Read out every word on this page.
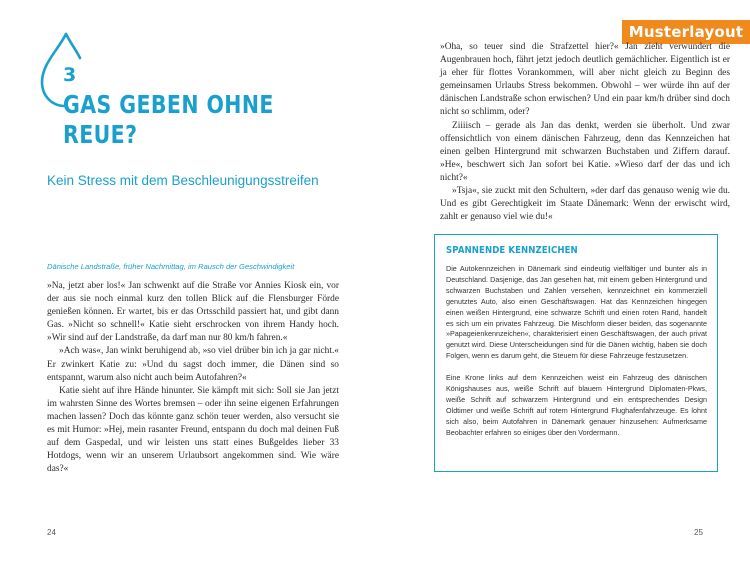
3
GAS GEBEN OHNE REUE?
Kein Stress mit dem Beschleunigungsstreifen
Dänische Landstraße, früher Nachmittag, im Rausch der Geschwindigkeit

»Na, jetzt aber los!« Jan schwenkt auf die Straße vor Annies Kiosk ein, vor der aus sie noch einmal kurz den tollen Blick auf die Flensburger Förde genießen können. Er wartet, bis er das Ortsschild passiert hat, und gibt dann Gas. »Nicht so schnell!« Katie sieht erschrocken von ihrem Handy hoch. »Wir sind auf der Landstraße, da darf man nur 80 km/h fahren.«

»Ach was«, Jan winkt beruhigend ab, »so viel drüber bin ich ja gar nicht.« Er zwinkert Katie zu: »Und du sagst doch immer, die Dänen sind so entspannt, warum also nicht auch beim Autofahren?«

Katie sieht auf ihre Hände hinunter. Sie kämpft mit sich: Soll sie Jan jetzt im wahrsten Sinne des Wortes bremsen – oder ihn seine eigenen Erfahrungen machen lassen? Doch das könnte ganz schön teuer werden, also versucht sie es mit Humor: »Hej, mein rasanter Freund, entspann du doch mal deinen Fuß auf dem Gaspedal, und wir leisten uns statt eines Bußgeldes lieber 33 Hotdogs, wenn wir an unserem Urlaubsort angekommen sind. Wie wäre das?«

24
Musterlayout

»Oha, so teuer sind die Strafzettel hier?« Jan zieht verwundert die Augenbrauen hoch, fährt jetzt jedoch deutlich gemächlicher. Eigentlich ist er ja eher für flottes Vorankommen, will aber nicht gleich zu Beginn des gemeinsamen Urlaubs Stress bekommen. Obwohl – wer würde ihn auf der dänischen Landstraße schon erwischen? Und ein paar km/h drüber sind doch nicht so schlimm, oder?

Ziiiisch – gerade als Jan das denkt, werden sie überholt. Und zwar offensichtlich von einem dänischen Fahrzeug, denn das Kennzeichen hat einen gelben Hintergrund mit schwarzen Buchstaben und Ziffern darauf. »He«, beschwert sich Jan sofort bei Katie. »Wieso darf der das und ich nicht?«

»Tsja«, sie zuckt mit den Schultern, »der darf das genauso wenig wie du. Und es gibt Gerechtigkeit im Staate Dänemark: Wenn der erwischt wird, zahlt er genauso viel wie du!«

SPANNENDE KENNZEICHEN

Die Autokennzeichen in Dänemark sind eindeutig vielfältiger und bunter als in Deutschland. Dasjenige, das Jan gesehen hat, mit einem gelben Hintergrund und schwarzen Buchstaben und Zahlen versehen, kennzeichnet ein kommerziell genutztes Auto, also einen Geschäftswagen. Hat das Kennzeichen hingegen einen weißen Hintergrund, eine schwarze Schrift und einen roten Rand, handelt es sich um ein privates Fahrzeug. Die Mischform dieser beiden, das sogenannte »Papageienkennzeichen«, charakterisiert einen Geschäftswagen, der auch privat genutzt wird. Diese Unterscheidungen sind für die Dänen wichtig, haben sie doch Folgen, wenn es darum geht, die Steuern für diese Fahrzeuge festzusetzen.

Eine Krone links auf dem Kennzeichen weist ein Fahrzeug des dänischen Königshauses aus, weiße Schrift auf blauem Hintergrund Diplomaten-Pkws, weiße Schrift auf schwarzem Hintergrund und ein entsprechendes Design Oldtimer und weiße Schrift auf rotem Hintergrund Flughafenfahrzeuge. Es lohnt sich also, beim Autofahren in Dänemark genauer hinzusehen: Aufmerksame Beobachter erfahren so einiges über den Vordermann.

25
